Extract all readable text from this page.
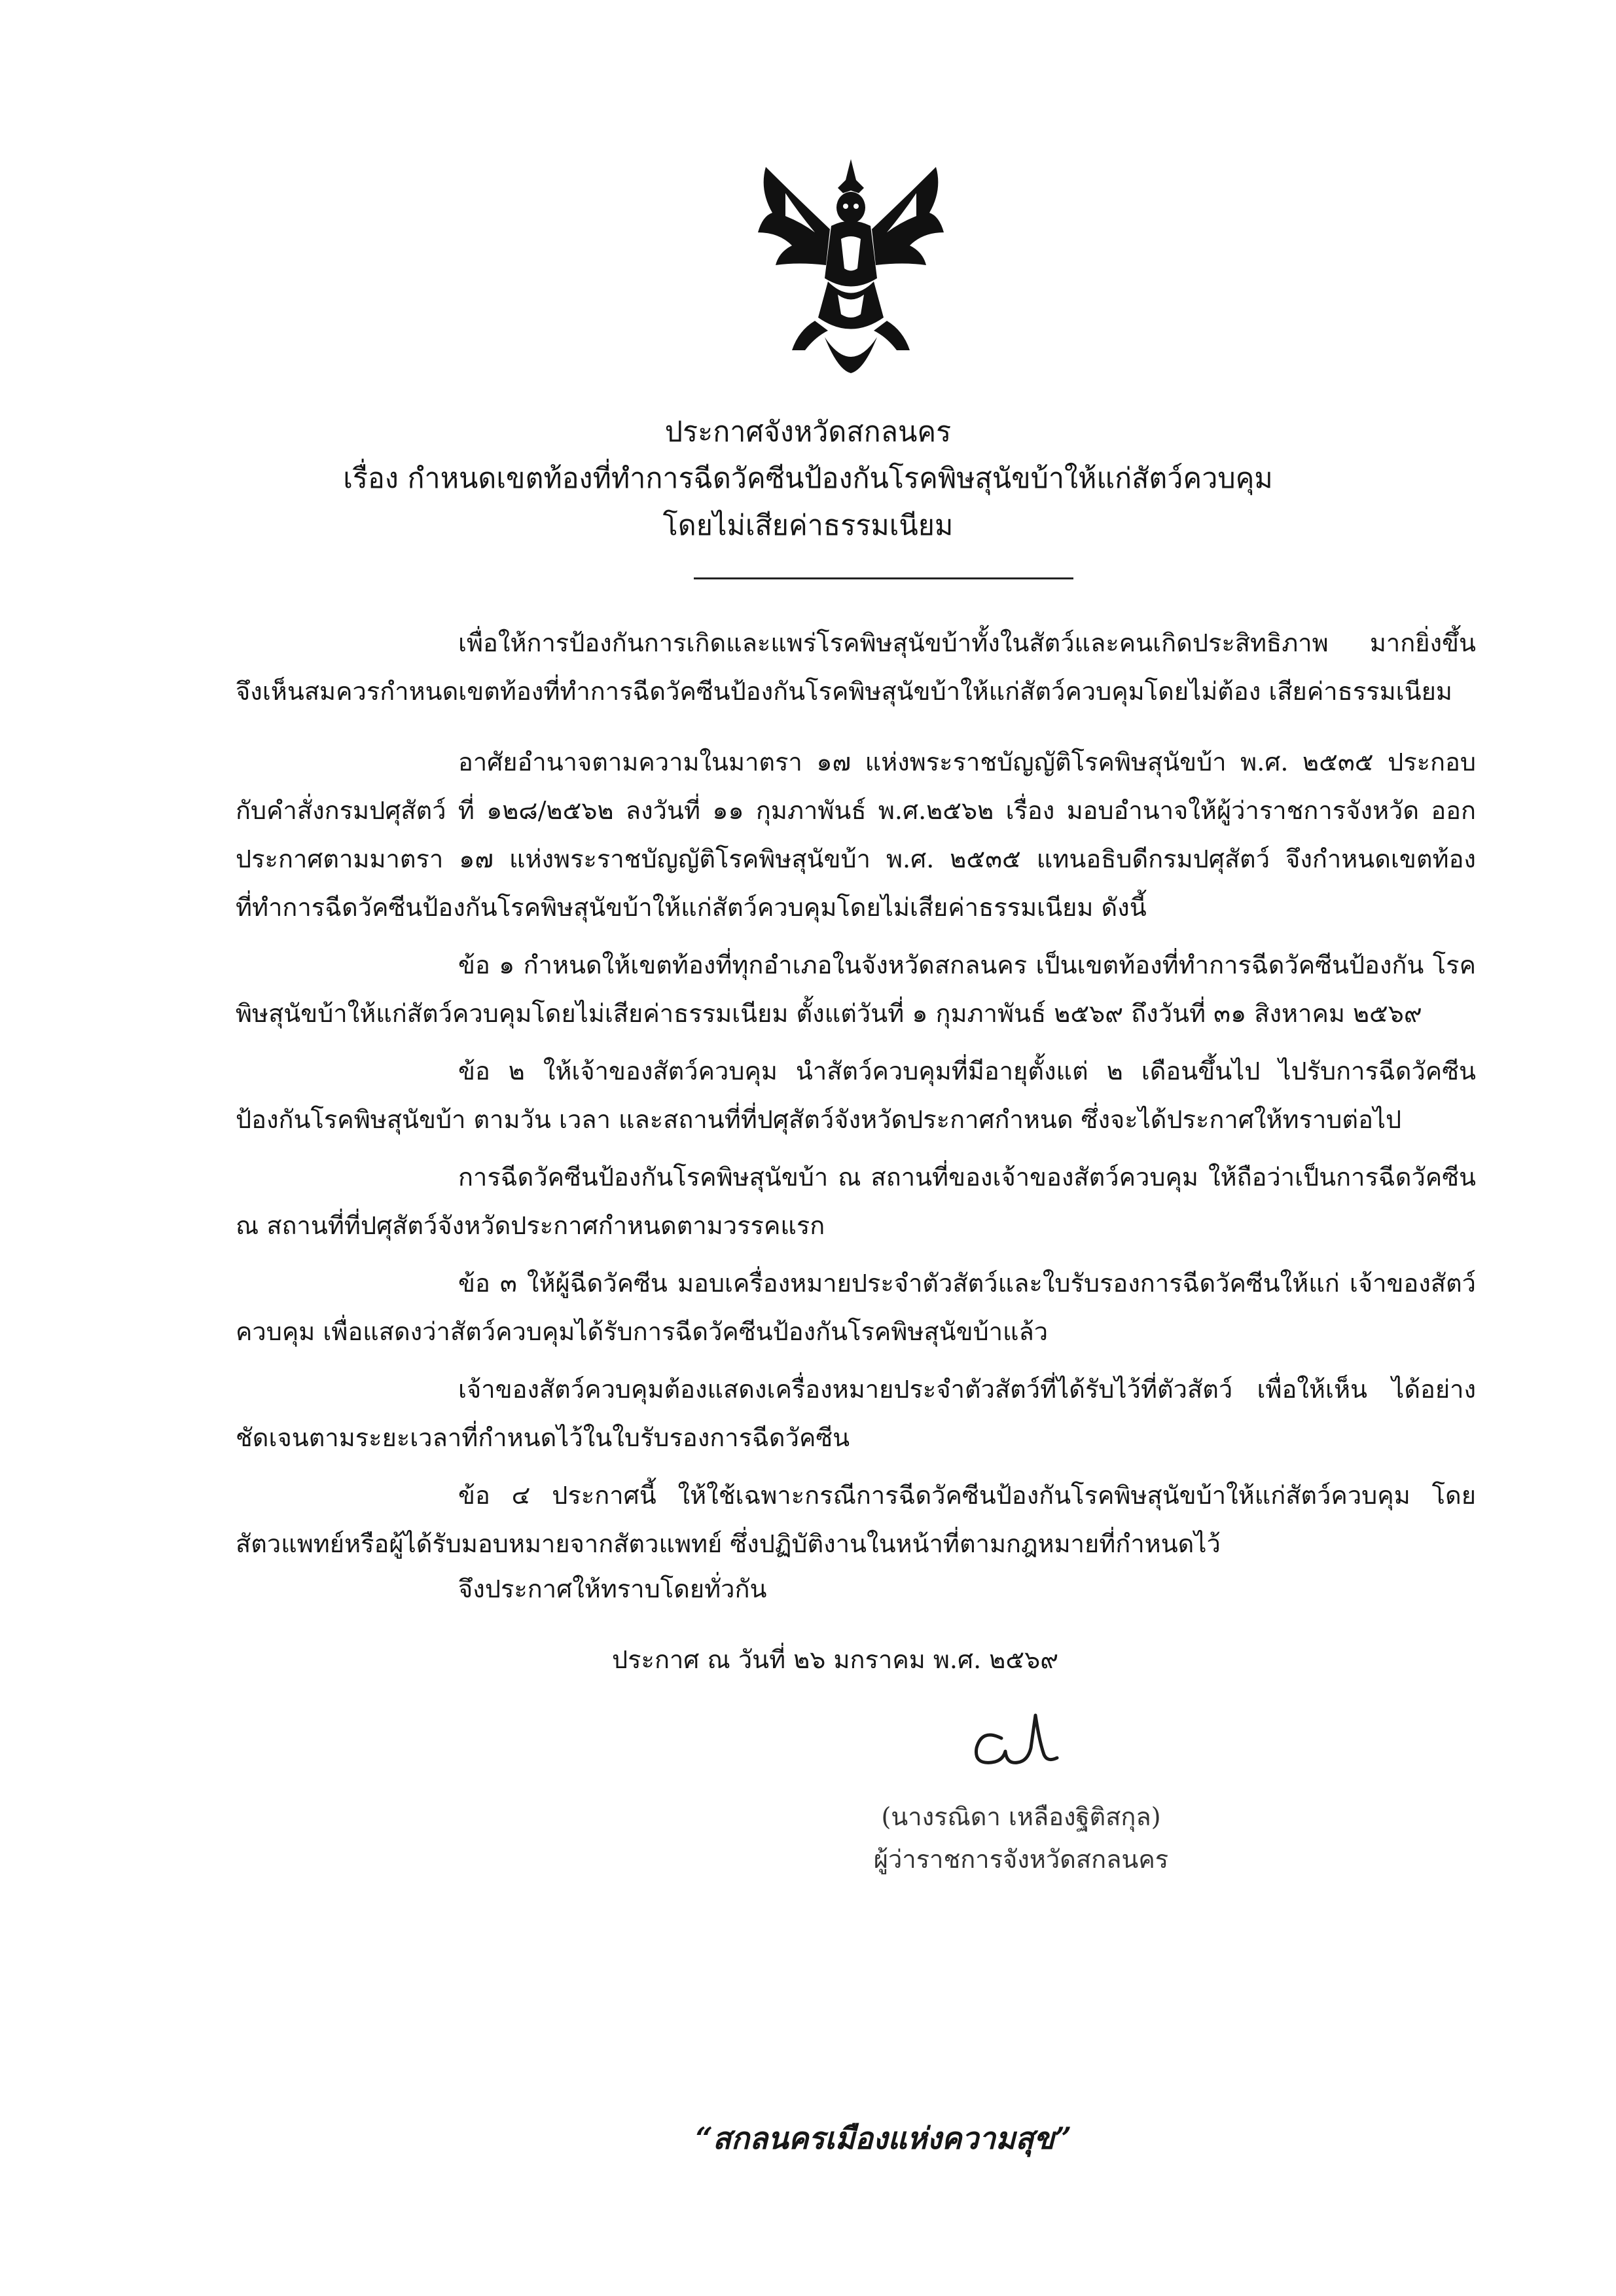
ประกาศจังหวัดสกลนคร
เรื่อง กำหนดเขตท้องที่ทำการฉีดวัคซีนป้องกันโรคพิษสุนัขบ้าให้แก่สัตว์ควบคุม
โดยไม่เสียค่าธรรมเนียม

เพื่อให้การป้องกันการเกิดและแพร่โรคพิษสุนัขบ้าทั้งในสัตว์และคนเกิดประสิทธิภาพ มากยิ่งขึ้น จึงเห็นสมควรกำหนดเขตท้องที่ทำการฉีดวัคซีนป้องกันโรคพิษสุนัขบ้าให้แก่สัตว์ควบคุมโดยไม่ต้อง เสียค่าธรรมเนียม

อาศัยอำนาจตามความในมาตรา ๑๗ แห่งพระราชบัญญัติโรคพิษสุนัขบ้า พ.ศ. ๒๕๓๕ ประกอบ กับคำสั่งกรมปศุสัตว์ ที่ ๑๒๘/๒๕๖๒ ลงวันที่ ๑๑ กุมภาพันธ์ พ.ศ.๒๕๖๒ เรื่อง มอบอำนาจให้ผู้ว่าราชการจังหวัด ออกประกาศตามมาตรา ๑๗ แห่งพระราชบัญญัติโรคพิษสุนัขบ้า พ.ศ. ๒๕๓๕ แทนอธิบดีกรมปศุสัตว์ จึงกำหนดเขตท้องที่ทำการฉีดวัคซีนป้องกันโรคพิษสุนัขบ้าให้แก่สัตว์ควบคุมโดยไม่เสียค่าธรรมเนียม ดังนี้

ข้อ ๑ กำหนดให้เขตท้องที่ทุกอำเภอในจังหวัดสกลนคร เป็นเขตท้องที่ทำการฉีดวัคซีนป้องกัน โรคพิษสุนัขบ้าให้แก่สัตว์ควบคุมโดยไม่เสียค่าธรรมเนียม ตั้งแต่วันที่ ๑ กุมภาพันธ์ ๒๕๖๙ ถึงวันที่ ๓๑ สิงหาคม ๒๕๖๙

ข้อ ๒ ให้เจ้าของสัตว์ควบคุม นำสัตว์ควบคุมที่มีอายุตั้งแต่ ๒ เดือนขึ้นไป ไปรับการฉีดวัคซีน ป้องกันโรคพิษสุนัขบ้า ตามวัน เวลา และสถานที่ที่ปศุสัตว์จังหวัดประกาศกำหนด ซึ่งจะได้ประกาศให้ทราบต่อไป

การฉีดวัคซีนป้องกันโรคพิษสุนัขบ้า ณ สถานที่ของเจ้าของสัตว์ควบคุม ให้ถือว่าเป็นการฉีดวัคซีน ณ สถานที่ที่ปศุสัตว์จังหวัดประกาศกำหนดตามวรรคแรก

ข้อ ๓ ให้ผู้ฉีดวัคซีน มอบเครื่องหมายประจำตัวสัตว์และใบรับรองการฉีดวัคซีนให้แก่ เจ้าของสัตว์ควบคุม เพื่อแสดงว่าสัตว์ควบคุมได้รับการฉีดวัคซีนป้องกันโรคพิษสุนัขบ้าแล้ว

เจ้าของสัตว์ควบคุมต้องแสดงเครื่องหมายประจำตัวสัตว์ที่ได้รับไว้ที่ตัวสัตว์ เพื่อให้เห็น ได้อย่างชัดเจนตามระยะเวลาที่กำหนดไว้ในใบรับรองการฉีดวัคซีน

ข้อ ๔ ประกาศนี้ ให้ใช้เฉพาะกรณีการฉีดวัคซีนป้องกันโรคพิษสุนัขบ้าให้แก่สัตว์ควบคุม โดยสัตวแพทย์หรือผู้ได้รับมอบหมายจากสัตวแพทย์ ซึ่งปฏิบัติงานในหน้าที่ตามกฎหมายที่กำหนดไว้

จึงประกาศให้ทราบโดยทั่วกัน
ประกาศ ณ วันที่ ๒๖ มกราคม พ.ศ. ๒๕๖๙
(นางรณิดา เหลืองฐิติสกุล)
ผู้ว่าราชการจังหวัดสกลนคร
“สกลนครเมืองแห่งความสุข”
